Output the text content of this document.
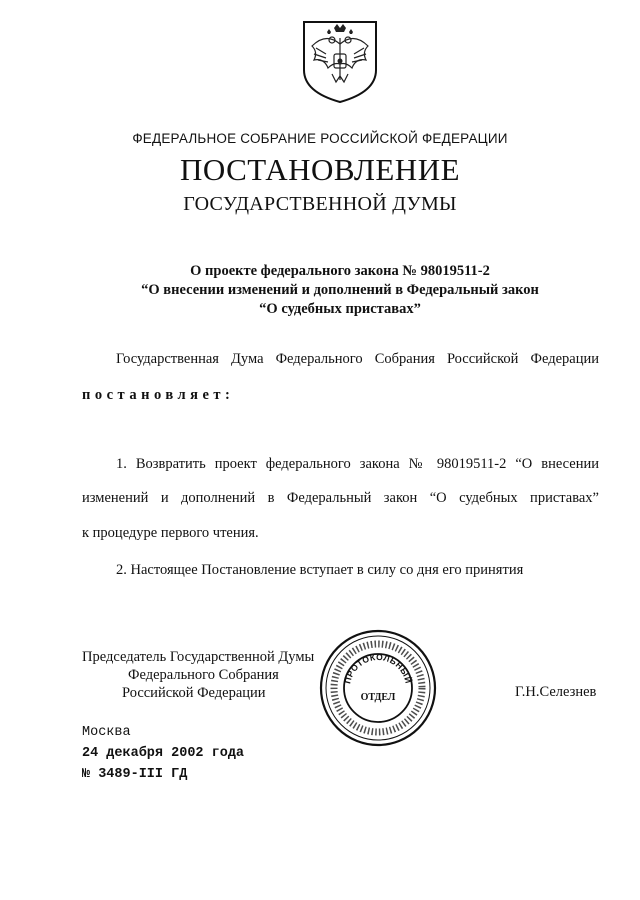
ФЕДЕРАЛЬНОЕ СОБРАНИЕ РОССИЙСКОЙ ФЕДЕРАЦИИ
ПОСТАНОВЛЕНИЕ
ГОСУДАРСТВЕННОЙ ДУМЫ
О проекте федерального закона № 98019511-2
“О внесении изменений и дополнений в Федеральный закон
“О судебных приставах”
Государственная Дума Федерального Собрания Российской Федерации
постановляет:
1. Возвратить проект федерального закона № 98019511-2 “О внесении
изменений и дополнений в Федеральный закон “О судебных приставах”
к процедуре первого чтения.
2. Настоящее Постановление вступает в силу со дня его принятия
Председатель Государственной Думы
Федерального Собрания
Российской Федерации
ПРОТОКОЛЬНЫЙ
ОТДЕЛ	Г.Н.Селезнев
Москва
24 декабря 2002 года
№ 3489-III ГД
